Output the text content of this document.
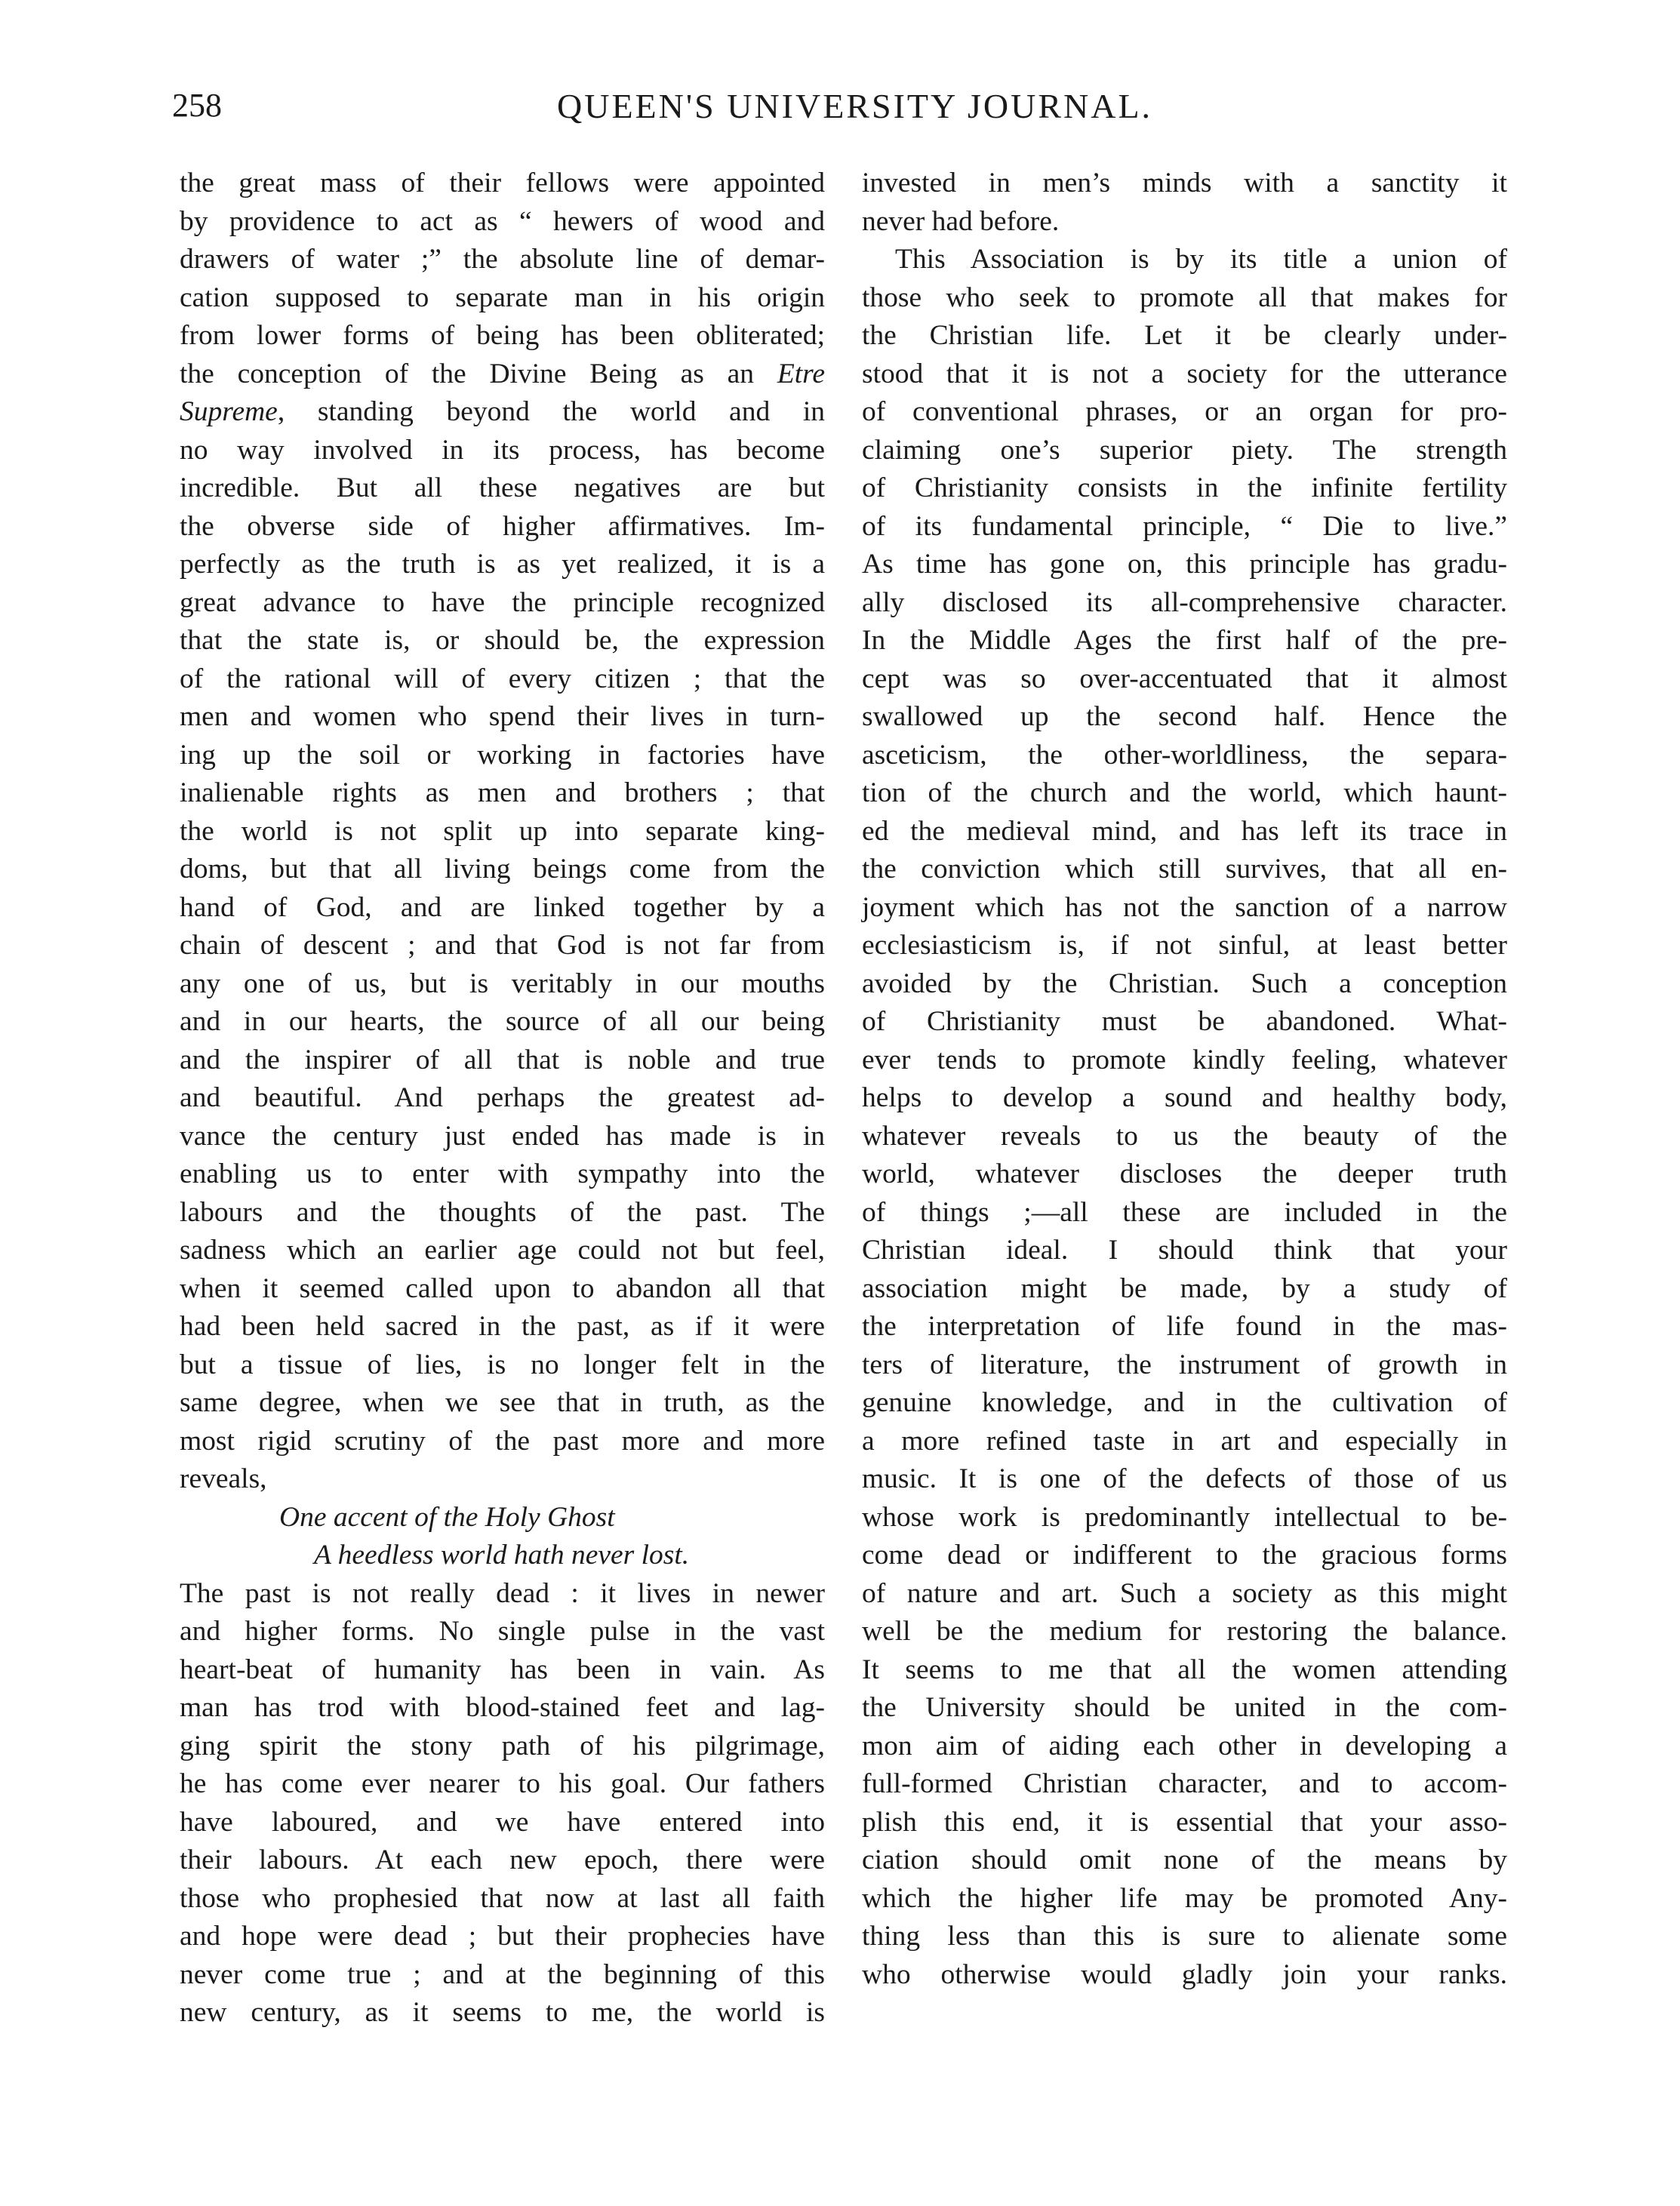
258	QUEEN'S UNIVERSITY JOURNAL.
the great mass of their fellows were appointed
by providence to act as “ hewers of wood and
drawers of water ;” the absolute line of demar-
cation supposed to separate man in his origin
from lower forms of being has been obliterated;
the conception of the Divine Being as an Etre
Supreme, standing beyond the world and in
no way involved in its process, has become
incredible. But all these negatives are but
the obverse side of higher affirmatives. Im-
perfectly as the truth is as yet realized, it is a
great advance to have the principle recognized
that the state is, or should be, the expression
of the rational will of every citizen ; that the
men and women who spend their lives in turn-
ing up the soil or working in factories have
inalienable rights as men and brothers ; that
the world is not split up into separate king-
doms, but that all living beings come from the
hand of God, and are linked together by a
chain of descent ; and that God is not far from
any one of us, but is veritably in our mouths
and in our hearts, the source of all our being
and the inspirer of all that is noble and true
and beautiful. And perhaps the greatest ad-
vance the century just ended has made is in
enabling us to enter with sympathy into the
labours and the thoughts of the past. The
sadness which an earlier age could not but feel,
when it seemed called upon to abandon all that
had been held sacred in the past, as if it were
but a tissue of lies, is no longer felt in the
same degree, when we see that in truth, as the
most rigid scrutiny of the past more and more
reveals,
One accent of the Holy Ghost
A heedless world hath never lost.
The past is not really dead : it lives in newer
and higher forms. No single pulse in the vast
heart-beat of humanity has been in vain. As
man has trod with blood-stained feet and lag-
ging spirit the stony path of his pilgrimage,
he has come ever nearer to his goal. Our fathers
have laboured, and we have entered into
their labours. At each new epoch, there were
those who prophesied that now at last all faith
and hope were dead ; but their prophecies have
never come true ; and at the beginning of this
new century, as it seems to me, the world is
invested in men’s minds with a sanctity it
never had before.
This Association is by its title a union of
those who seek to promote all that makes for
the Christian life. Let it be clearly under-
stood that it is not a society for the utterance
of conventional phrases, or an organ for pro-
claiming one’s superior piety. The strength
of Christianity consists in the infinite fertility
of its fundamental principle, “ Die to live.”
As time has gone on, this principle has gradu-
ally disclosed its all-comprehensive character.
In the Middle Ages the first half of the pre-
cept was so over-accentuated that it almost
swallowed up the second half. Hence the
asceticism, the other-worldliness, the separa-
tion of the church and the world, which haunt-
ed the medieval mind, and has left its trace in
the conviction which still survives, that all en-
joyment which has not the sanction of a narrow
ecclesiasticism is, if not sinful, at least better
avoided by the Christian. Such a conception
of Christianity must be abandoned. What-
ever tends to promote kindly feeling, whatever
helps to develop a sound and healthy body,
whatever reveals to us the beauty of the
world, whatever discloses the deeper truth
of things ;—all these are included in the
Christian ideal. I should think that your
association might be made, by a study of
the interpretation of life found in the mas-
ters of literature, the instrument of growth in
genuine knowledge, and in the cultivation of
a more refined taste in art and especially in
music. It is one of the defects of those of us
whose work is predominantly intellectual to be-
come dead or indifferent to the gracious forms
of nature and art. Such a society as this might
well be the medium for restoring the balance.
It seems to me that all the women attending
the University should be united in the com-
mon aim of aiding each other in developing a
full-formed Christian character, and to accom-
plish this end, it is essential that your asso-
ciation should omit none of the means by
which the higher life may be promoted Any-
thing less than this is sure to alienate some
who otherwise would gladly join your ranks.
